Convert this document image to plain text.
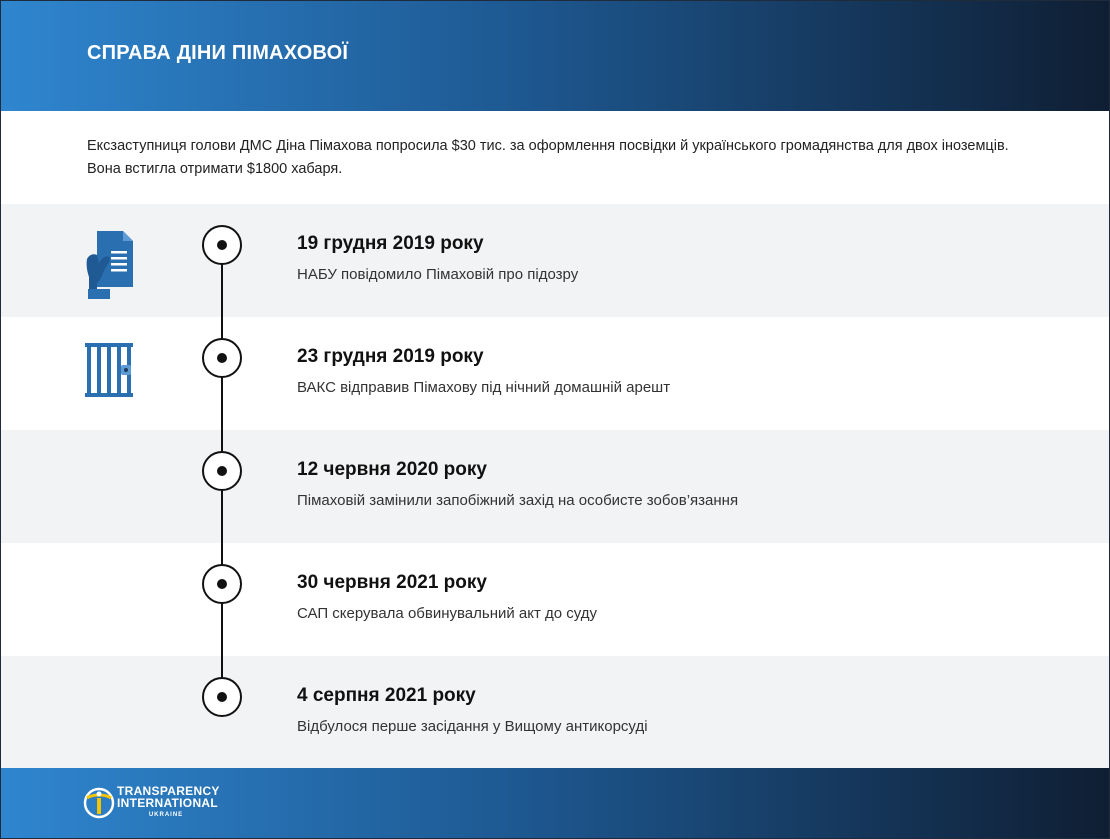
СПРАВА ДІНИ ПІМАХОВОЇ
Ексзаступниця голови ДМС Діна Пімахова попросила $30 тис. за оформлення посвідки й українського громадянства для двох іноземців. Вона встигла отримати $1800 хабаря.
19 грудня 2019 року
НАБУ повідомило Пімаховій про підозру
23 грудня 2019 року
ВАКС відправив Пімахову під нічний домашній арешт
12 червня 2020 року
Пімаховій замінили запобіжний захід на особисте зобов’язання
30 червня 2021 року
САП скерувала обвинувальний акт до суду
4 серпня 2021 року
Відбулося перше засідання у Вищому антикорсуді
TRANSPARENCY
INTERNATIONAL
UKRAINE
